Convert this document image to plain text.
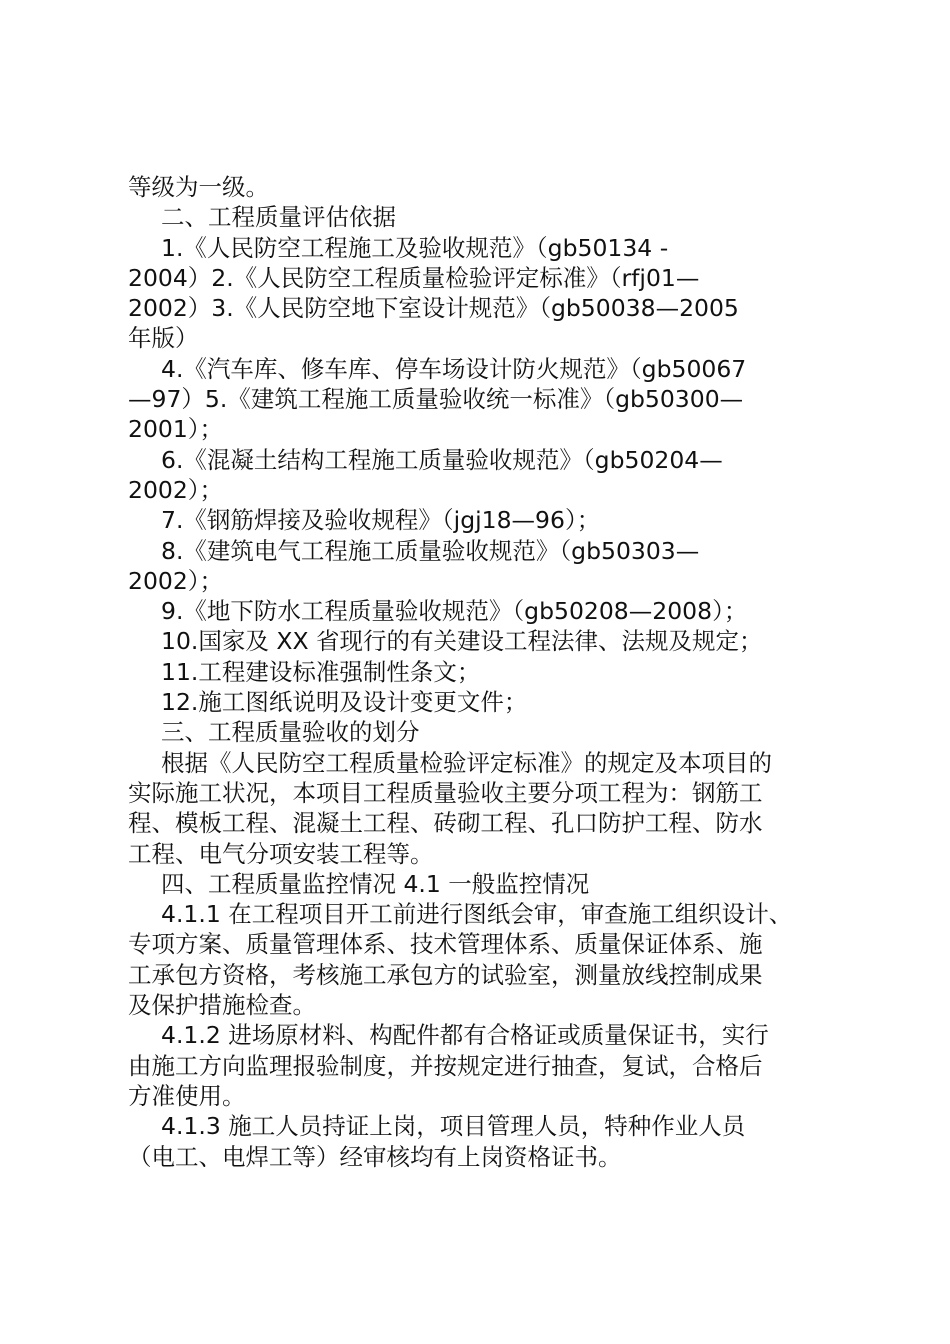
等级为一级。

二、工程质量评估依据

1.《人民防空工程施工及验收规范》（gb50134 -
2004）2.《人民防空工程质量检验评定标准》（rfj01—
2002）3.《人民防空地下室设计规范》（gb50038—2005
年版）

4.《汽车库、修车库、停车场设计防火规范》（gb50067
—97）5.《建筑工程施工质量验收统一标准》（gb50300—
2001）；

6.《混凝土结构工程施工质量验收规范》（gb50204—
2002）；

7.《钢筋焊接及验收规程》（jgj18—96）；

8.《建筑电气工程施工质量验收规范》（gb50303—
2002）；

9.《地下防水工程质量验收规范》（gb50208—2008）；

10.国家及 XX 省现行的有关建设工程法律、法规及规定；

11.工程建设标准强制性条文；

12.施工图纸说明及设计变更文件；

三、工程质量验收的划分

根据《人民防空工程质量检验评定标准》的规定及本项目的
实际施工状况，本项目工程质量验收主要分项工程为：钢筋工
程、模板工程、混凝土工程、砖砌工程、孔口防护工程、防水
工程、电气分项安装工程等。

四、工程质量监控情况 4.1 一般监控情况

4.1.1 在工程项目开工前进行图纸会审，审查施工组织设计、
专项方案、质量管理体系、技术管理体系、质量保证体系、施
工承包方资格，考核施工承包方的试验室，测量放线控制成果
及保护措施检查。

4.1.2 进场原材料、构配件都有合格证或质量保证书，实行
由施工方向监理报验制度，并按规定进行抽查，复试，合格后
方准使用。

4.1.3 施工人员持证上岗，项目管理人员，特种作业人员
（电工、电焊工等）经审核均有上岗资格证书。
